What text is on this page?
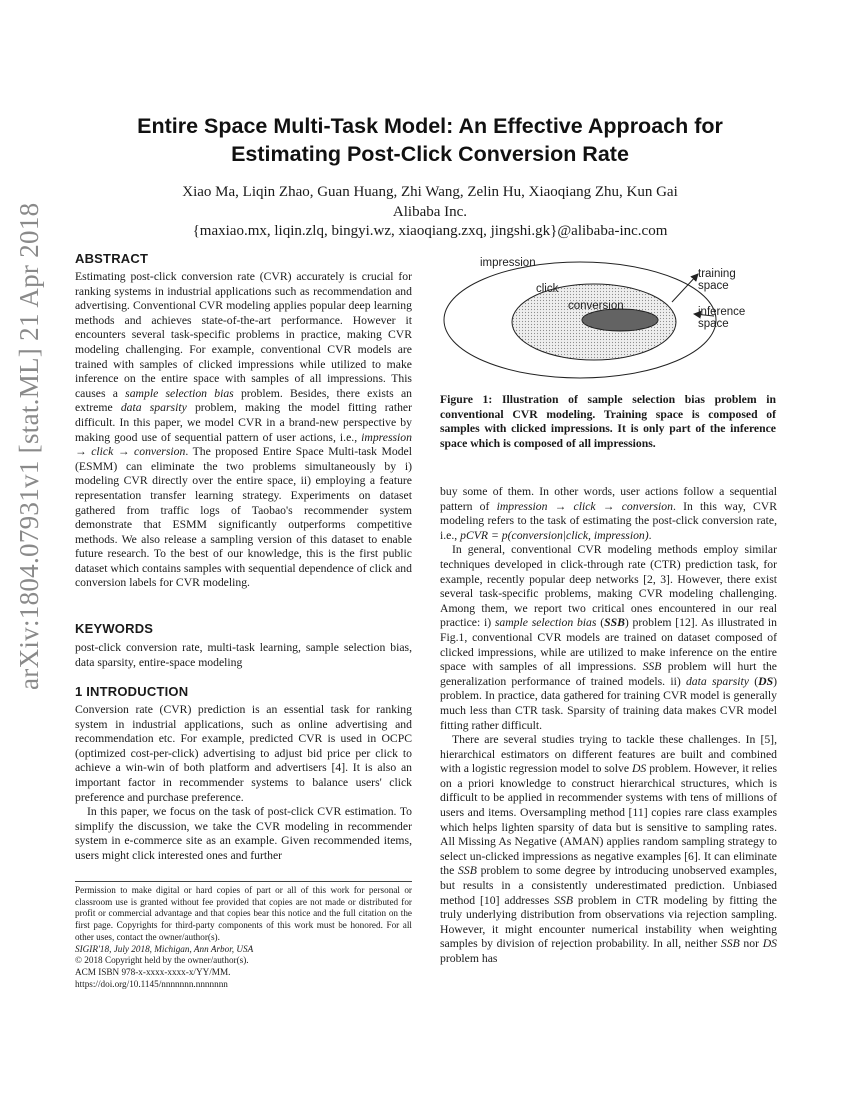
arXiv:1804.07931v1 [stat.ML] 21 Apr 2018
Entire Space Multi-Task Model: An Effective Approach for
Estimating Post-Click Conversion Rate
Xiao Ma, Liqin Zhao, Guan Huang, Zhi Wang, Zelin Hu, Xiaoqiang Zhu, Kun Gai
Alibaba Inc.
{maxiao.mx, liqin.zlq, bingyi.wz, xiaoqiang.zxq, jingshi.gk}@alibaba-inc.com
ABSTRACT

Estimating post-click conversion rate (CVR) accurately is crucial for ranking systems in industrial applications such as recommendation and advertising. Conventional CVR modeling applies popular deep learning methods and achieves state-of-the-art performance. However it encounters several task-specific problems in practice, making CVR modeling challenging. For example, conventional CVR models are trained with samples of clicked impressions while utilized to make inference on the entire space with samples of all impressions. This causes a sample selection bias problem. Besides, there exists an extreme data sparsity problem, making the model fitting rather difficult. In this paper, we model CVR in a brand-new perspective by making good use of sequential pattern of user actions, i.e., impression → click → conversion. The proposed Entire Space Multi-task Model (ESMM) can eliminate the two problems simultaneously by i) modeling CVR directly over the entire space, ii) employing a feature representation transfer learning strategy. Experiments on dataset gathered from traffic logs of Taobao's recommender system demonstrate that ESMM significantly outperforms competitive methods. We also release a sampling version of this dataset to enable future research. To the best of our knowledge, this is the first public dataset which contains samples with sequential dependence of click and conversion labels for CVR modeling.

KEYWORDS

post-click conversion rate, multi-task learning, sample selection bias, data sparsity, entire-space modeling

1 INTRODUCTION

Conversion rate (CVR) prediction is an essential task for ranking system in industrial applications, such as online advertising and recommendation etc. For example, predicted CVR is used in OCPC (optimized cost-per-click) advertising to adjust bid price per click to achieve a win-win of both platform and advertisers [4]. It is also an important factor in recommender systems to balance users' click preference and purchase preference.

In this paper, we focus on the task of post-click CVR estimation. To simplify the discussion, we take the CVR modeling in recommender system in e-commerce site as an example. Given recommended items, users might click interested ones and further

Permission to make digital or hard copies of part or all of this work for personal or classroom use is granted without fee provided that copies are not made or distributed for profit or commercial advantage and that copies bear this notice and the full citation on the first page. Copyrights for third-party components of this work must be honored. For all other uses, contact the owner/author(s).

SIGIR'18, July 2018, Michigan, Ann Arbor, USA

© 2018 Copyright held by the owner/author(s).

ACM ISBN 978-x-xxxx-xxxx-x/YY/MM.

https://doi.org/10.1145/nnnnnnn.nnnnnnn

impression
click
conversion
training
space
inference
space
Figure 1: Illustration of sample selection bias problem in conventional CVR modeling. Training space is composed of samples with clicked impressions. It is only part of the inference space which is composed of all impressions.

buy some of them. In other words, user actions follow a sequential pattern of impression → click → conversion. In this way, CVR modeling refers to the task of estimating the post-click conversion rate, i.e., pCVR = p(conversion|click, impression).

In general, conventional CVR modeling methods employ similar techniques developed in click-through rate (CTR) prediction task, for example, recently popular deep networks [2, 3]. However, there exist several task-specific problems, making CVR modeling challenging. Among them, we report two critical ones encountered in our real practice: i) sample selection bias (SSB) problem [12]. As illustrated in Fig.1, conventional CVR models are trained on dataset composed of clicked impressions, while are utilized to make inference on the entire space with samples of all impressions. SSB problem will hurt the generalization performance of trained models. ii) data sparsity (DS) problem. In practice, data gathered for training CVR model is generally much less than CTR task. Sparsity of training data makes CVR model fitting rather difficult.

There are several studies trying to tackle these challenges. In [5], hierarchical estimators on different features are built and combined with a logistic regression model to solve DS problem. However, it relies on a priori knowledge to construct hierarchical structures, which is difficult to be applied in recommender systems with tens of millions of users and items. Oversampling method [11] copies rare class examples which helps lighten sparsity of data but is sensitive to sampling rates. All Missing As Negative (AMAN) applies random sampling strategy to select un-clicked impressions as negative examples [6]. It can eliminate the SSB problem to some degree by introducing unobserved examples, but results in a consistently underestimated prediction. Unbiased method [10] addresses SSB problem in CTR modeling by fitting the truly underlying distribution from observations via rejection sampling. However, it might encounter numerical instability when weighting samples by division of rejection probability. In all, neither SSB nor DS problem has
